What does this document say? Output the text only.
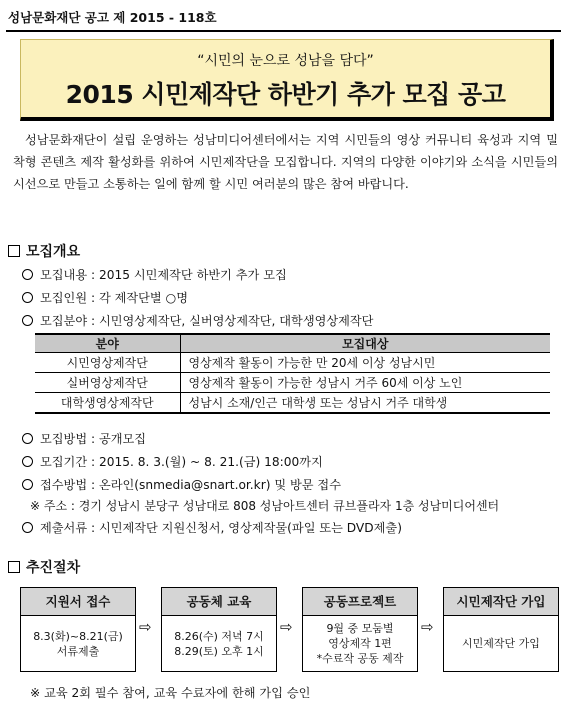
성남문화재단 공고 제 2015 - 118호
“시민의 눈으로 성남을 담다”
2015 시민제작단 하반기 추가 모집 공고

성남문화재단이 설립 운영하는 성남미디어센터에서는 지역 시민들의 영상 커뮤니티 육성과 지역 밀착형 콘텐츠 제작 활성화를 위하여 시민제작단을 모집합니다. 지역의 다양한 이야기와 소식을 시민들의 시선으로 만들고 소통하는 일에 함께 할 시민 여러분의 많은 참여 바랍니다.

모집개요
모집내용 : 2015 시민제작단 하반기 추가 모집
모집인원 : 각 제작단별 ○명
모집분야 : 시민영상제작단, 실버영상제작단, 대학생영상제작단
분야	모집대상
시민영상제작단	영상제작 활동이 가능한 만 20세 이상 성남시민
실버영상제작단	영상제작 활동이 가능한 성남시 거주 60세 이상 노인
대학생영상제작단	성남시 소재/인근 대학생 또는 성남시 거주 대학생
모집방법 : 공개모집
모집기간 : 2015. 8. 3.(월) ~ 8. 21.(금) 18:00까지
접수방법 : 온라인(snmedia@snart.or.kr) 및 방문 접수
※ 주소 : 경기 성남시 분당구 성남대로 808 성남아트센터 큐브플라자 1층 성남미디어센터
제출서류 : 시민제작단 지원신청서, 영상제작물(파일 또는 DVD제출)
추진절차
지원서 접수
8.3(화)~8.21(금)
서류제출
⇨
공동체 교육
8.26(수) 저녁 7시
8.29(토) 오후 1시
⇨
공동프로젝트
9월 중 모둠별
영상제작 1편
*수료작 공동 제작
⇨
시민제작단 가입
시민제작단 가입
※ 교육 2회 필수 참여, 교육 수료자에 한해 가입 승인
